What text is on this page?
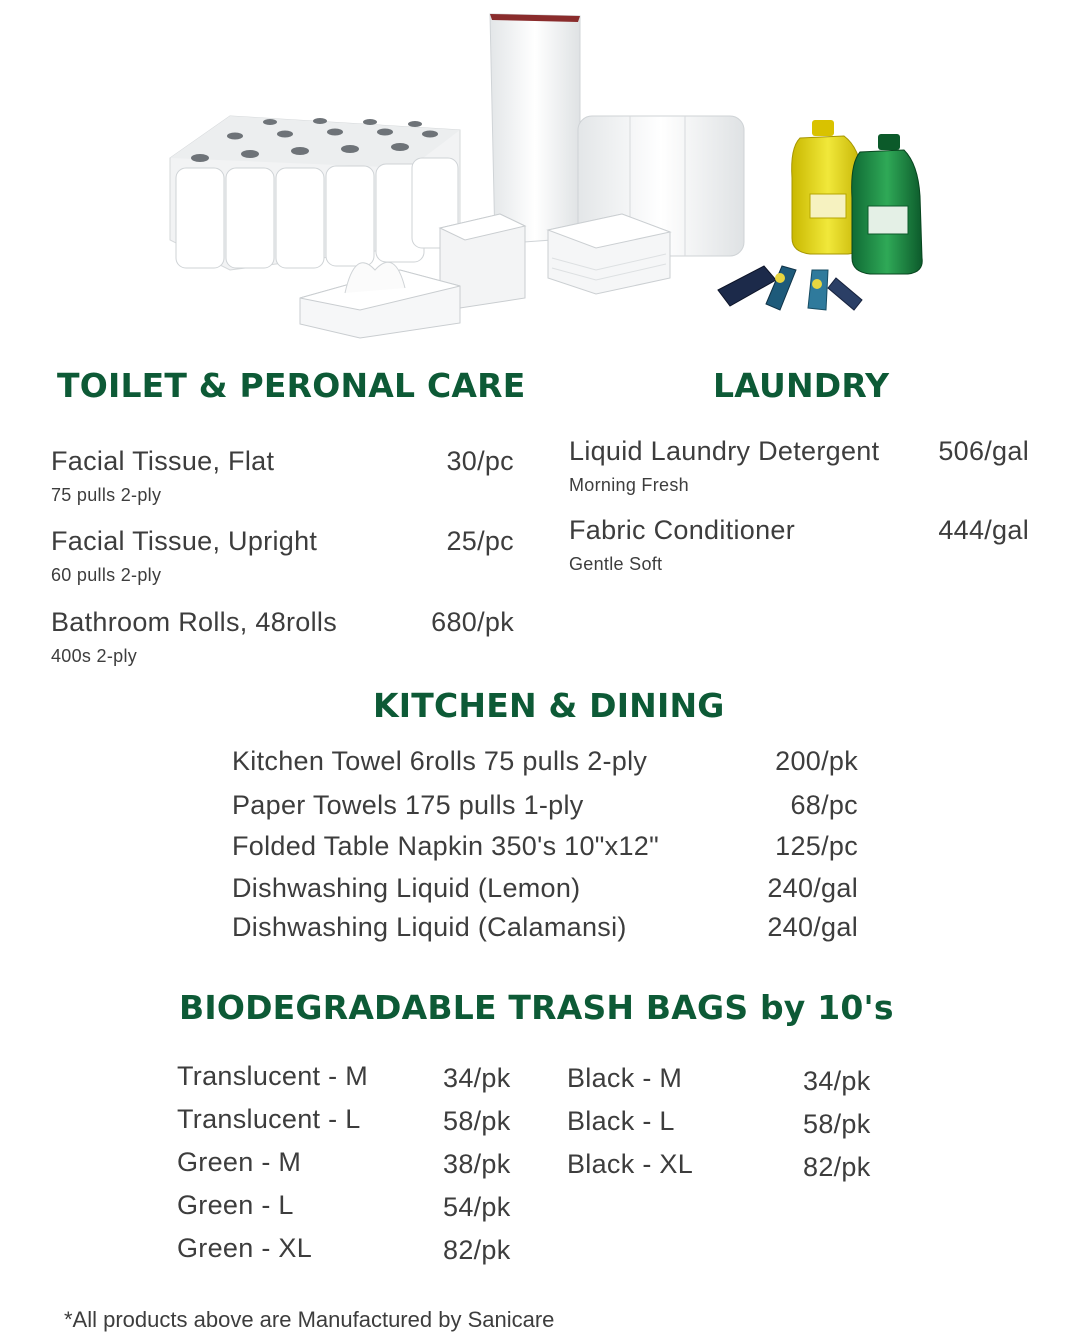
TOILET & PERONAL CARE
Facial Tissue, Flat
75 pulls 2-ply
30/pc
Facial Tissue, Upright
60 pulls 2-ply
25/pc
Bathroom Rolls, 48rolls
400s 2-ply
680/pk
LAUNDRY
Liquid Laundry Detergent
Morning Fresh
506/gal
Fabric Conditioner
Gentle Soft
444/gal
KITCHEN & DINING
Kitchen Towel 6rolls 75 pulls 2-ply	200/pk
Paper Towels 175 pulls 1-ply	68/pc
Folded Table Napkin 350's 10"x12"	125/pc
Dishwashing Liquid (Lemon)	240/gal
Dishwashing Liquid (Calamansi)	240/gal
BIODEGRADABLE TRASH BAGS by 10's
Translucent - M	34/pk
Translucent - L	58/pk
Green - M	38/pk
Green - L	54/pk
Green - XL	82/pk
Black - M	34/pk
Black - L	58/pk
Black - XL	82/pk
*All products above are Manufactured by Sanicare
